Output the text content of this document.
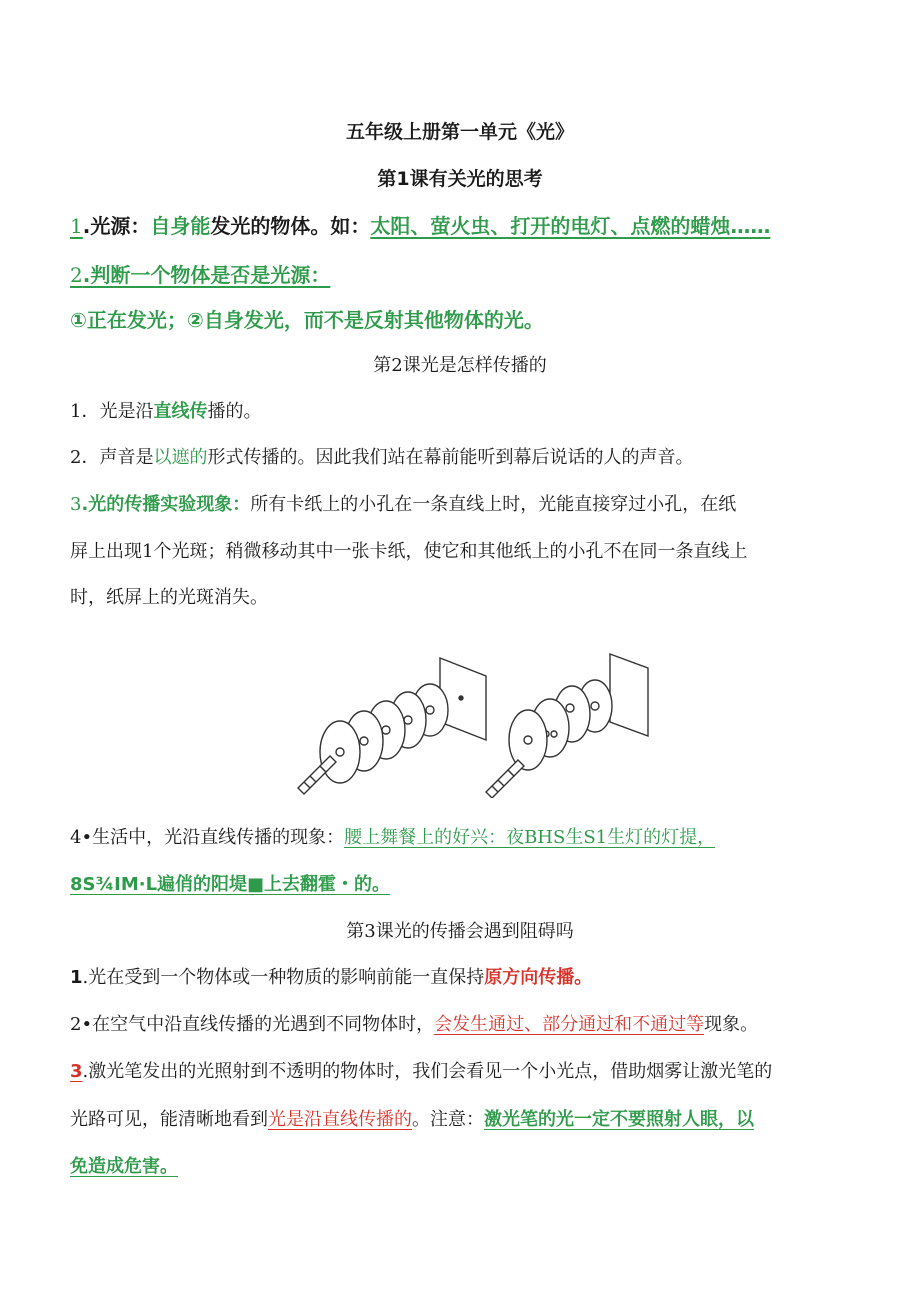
五年级上册第一单元《光》
第1课有关光的思考
1.光源：自身能发光的物体。如：太阳、萤火虫、打开的电灯、点燃的蜡烛……
2.判断一个物体是否是光源：
①正在发光；②自身发光，而不是反射其他物体的光。
第2课光是怎样传播的
1．光是沿直线传播的。
2．声音是以遮的形式传播的。因此我们站在幕前能听到幕后说话的人的声音。
3.光的传播实验现象：所有卡纸上的小孔在一条直线上时，光能直接穿过小孔，在纸
屏上出现1个光斑；稍微移动其中一张卡纸，使它和其他纸上的小孔不在同一条直线上
时，纸屏上的光斑消失。
4•生活中，光沿直线传播的现象：腰上舞餐上的好兴：夜BHS生S1生灯的灯提，
8S¾IM·L遍俏的阳堤■上去翻霍・的。
第3课光的传播会遇到阻碍吗
1.光在受到一个物体或一种物质的影响前能一直保持原方向传播。
2•在空气中沿直线传播的光遇到不同物体时，会发生通过、部分通过和不通过等现象。
3.激光笔发出的光照射到不透明的物体时，我们会看见一个小光点，借助烟雾让激光笔的
光路可见，能清晰地看到光是沿直线传播的。注意：激光笔的光一定不要照射人眼，以
免造成危害。
